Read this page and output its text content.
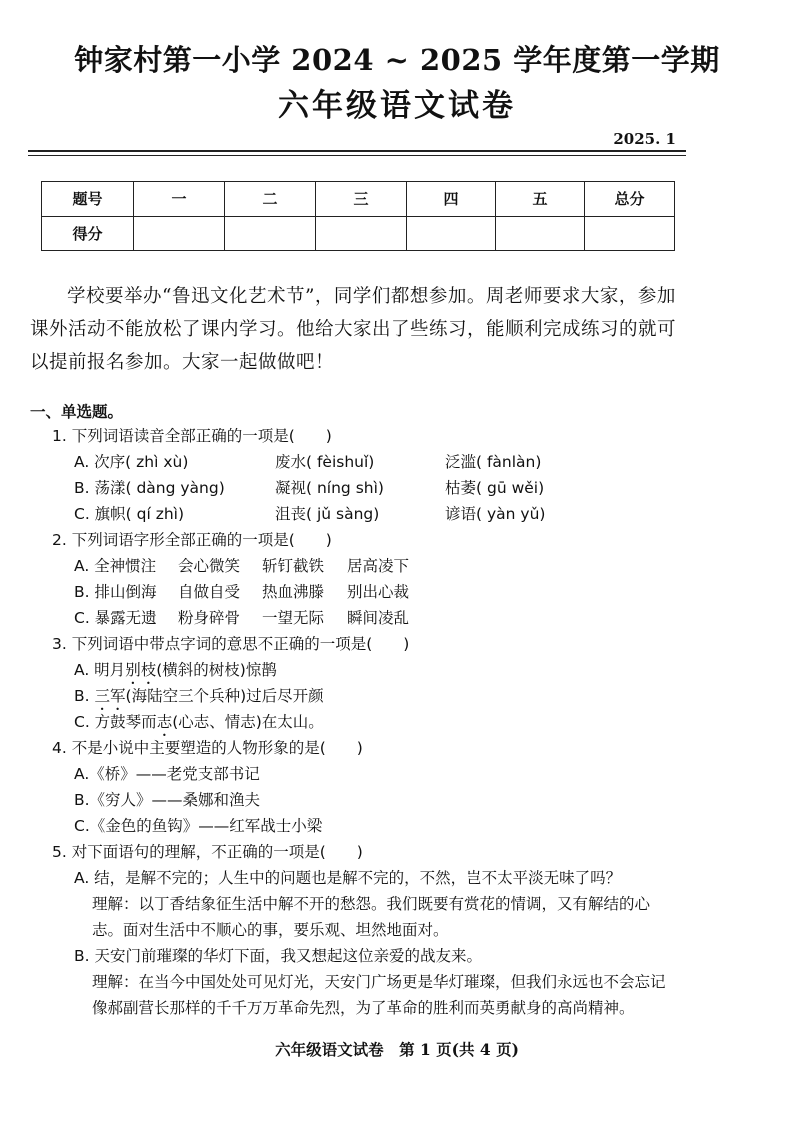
钟家村第一小学 2024 ~ 2025 学年度第一学期
六年级语文试卷
2025. 1
题号	一	二	三	四	五	总分
得分						
学校要举办“鲁迅文化艺术节”，同学们都想参加。周老师要求大家，参加课外活动不能放松了课内学习。他给大家出了些练习，能顺利完成练习的就可以提前报名参加。大家一起做做吧！
一、单选题。
1. 下列词语读音全部正确的一项是(　　)
A. 次序( zhì xù)	废水( fèishuǐ)	泛滥( fànlàn)
B. 荡漾( dàng yàng)	凝视( níng shì)	枯萎( gū wěi)
C. 旗帜( qí zhì)	沮丧( jǔ sàng)	谚语( yàn yǔ)
2. 下列词语字形全部正确的一项是(　　)
A. 全神惯注 会心微笑 斩钉截铁 居高凌下
B. 排山倒海 自做自受 热血沸滕 别出心裁
C. 暴露无遗 粉身碎骨 一望无际 瞬间凌乱
3. 下列词语中带点字词的意思不正确的一项是(　　)
A. 明月别枝(横斜的树枝)惊鹊
B. 三军(海陆空三个兵种)过后尽开颜
C. 方鼓琴而志(心志、情志)在太山。
4. 不是小说中主要塑造的人物形象的是(　　)
A.《桥》——老党支部书记
B.《穷人》——桑娜和渔夫
C.《金色的鱼钩》——红军战士小梁
5. 对下面语句的理解，不正确的一项是(　　)
A. 结，是解不完的；人生中的问题也是解不完的，不然，岂不太平淡无味了吗？
理解：以丁香结象征生活中解不开的愁怨。我们既要有赏花的情调，又有解结的心
志。面对生活中不顺心的事，要乐观、坦然地面对。
B. 天安门前璀璨的华灯下面，我又想起这位亲爱的战友来。
理解：在当今中国处处可见灯光，天安门广场更是华灯璀璨，但我们永远也不会忘记
像郝副营长那样的千千万万革命先烈，为了革命的胜利而英勇献身的高尚精神。
六年级语文试卷　第 1 页(共 4 页)
